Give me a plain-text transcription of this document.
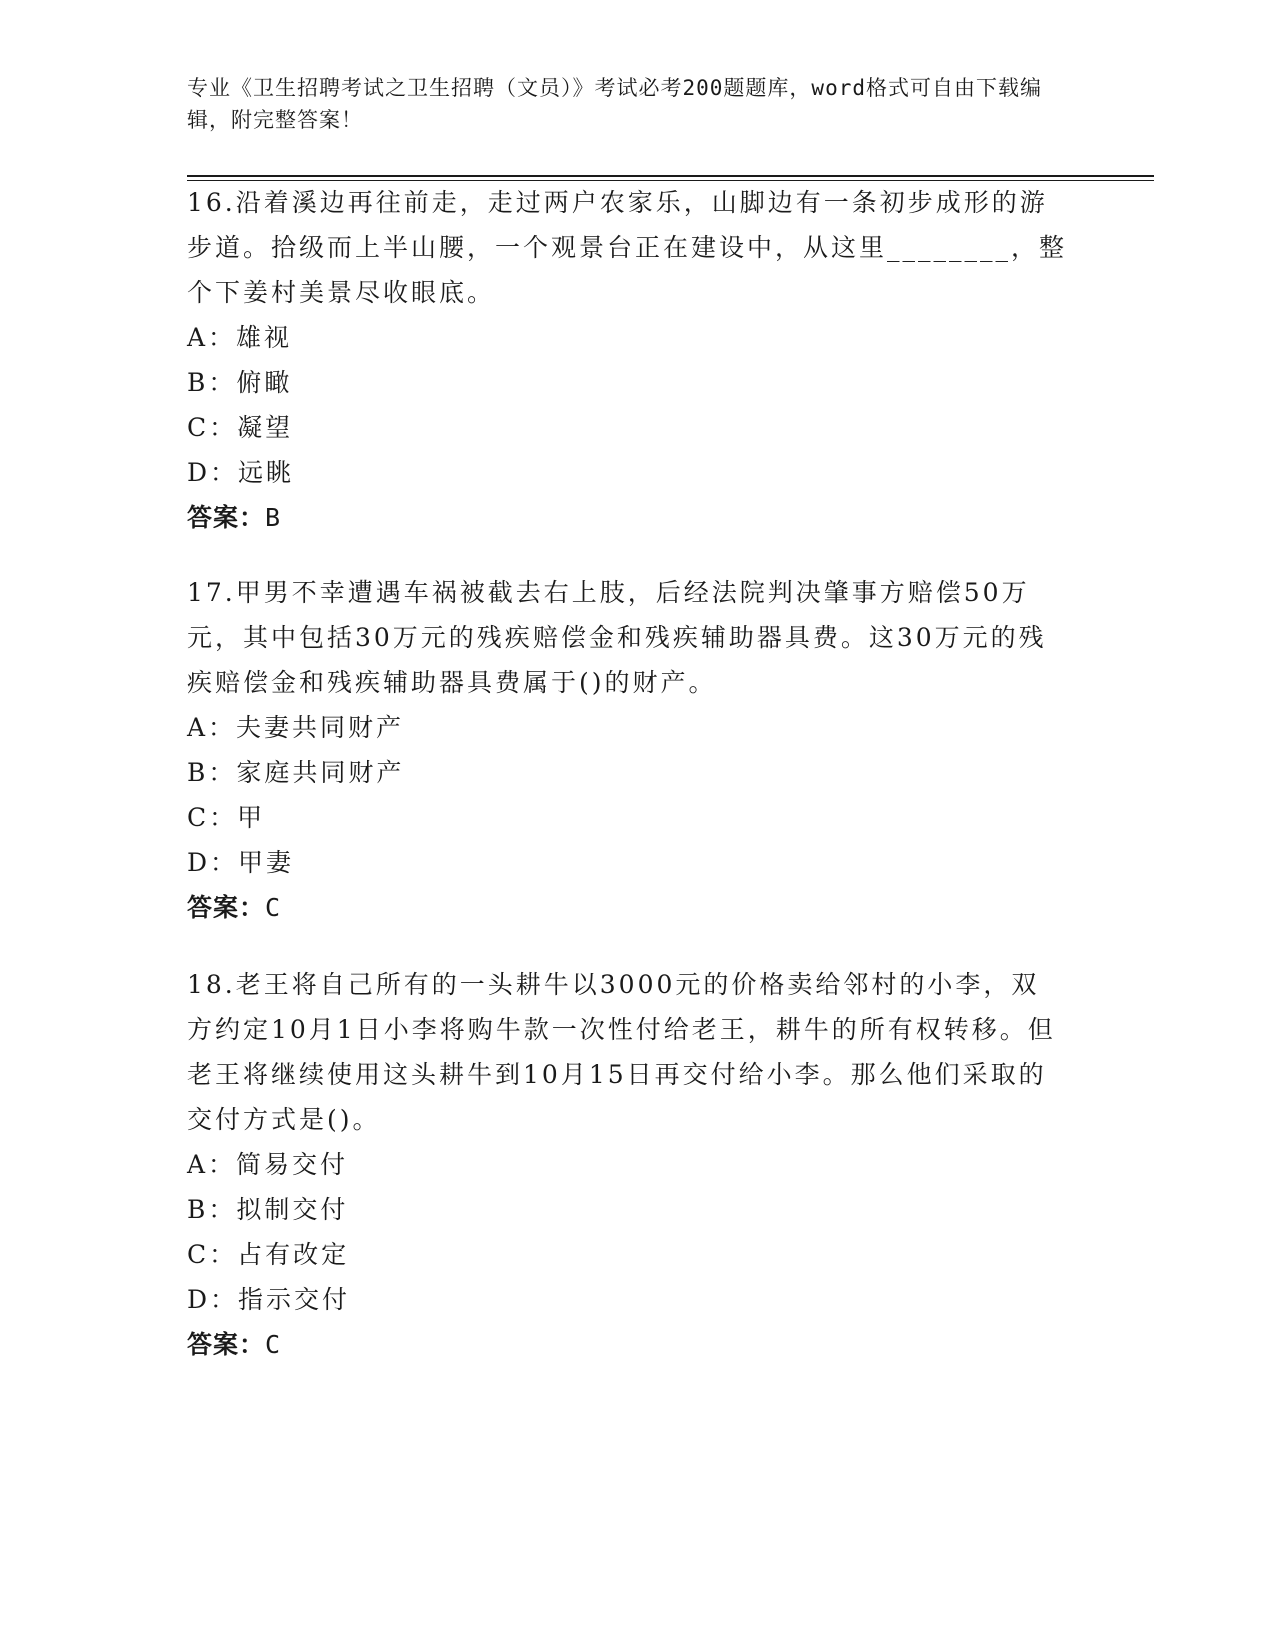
专业《卫生招聘考试之卫生招聘（文员）》考试必考200题题库，word格式可自由下载编辑，附完整答案！
16.沿着溪边再往前走，走过两户农家乐，山脚边有一条初步成形的游步道。拾级而上半山腰，一个观景台正在建设中，从这里________，整个下姜村美景尽收眼底。
A：雄视
B：俯瞰
C：凝望
D：远眺
答案：B
17.甲男不幸遭遇车祸被截去右上肢，后经法院判决肇事方赔偿50万元，其中包括30万元的残疾赔偿金和残疾辅助器具费。这30万元的残疾赔偿金和残疾辅助器具费属于()的财产。
A：夫妻共同财产
B：家庭共同财产
C：甲
D：甲妻
答案：C
18.老王将自己所有的一头耕牛以3000元的价格卖给邻村的小李，双方约定10月1日小李将购牛款一次性付给老王，耕牛的所有权转移。但老王将继续使用这头耕牛到10月15日再交付给小李。那么他们采取的交付方式是()。
A：简易交付
B：拟制交付
C：占有改定
D：指示交付
答案：C
